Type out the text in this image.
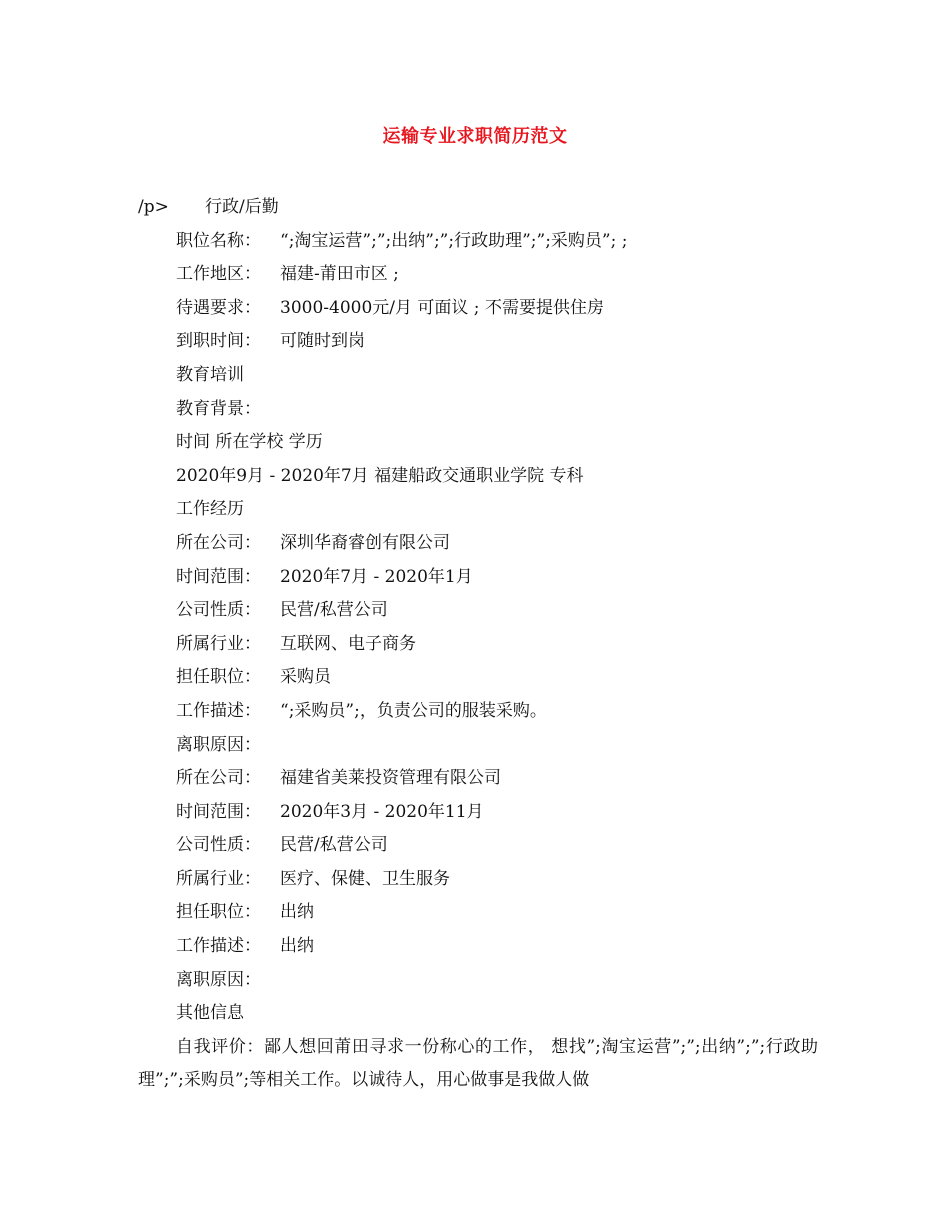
运输专业求职简历范文
/p> 行政/后勤
职位名称： “;淘宝运营”;”;出纳”;”;行政助理”;”;采购员”; ;
工作地区： 福建-莆田市区 ;
待遇要求： 3000-4000元/月 可面议 ; 不需要提供住房
到职时间： 可随时到岗
教育培训
教育背景：
时间 所在学校 学历
2020年9月 - 2020年7月 福建船政交通职业学院 专科
工作经历
所在公司： 深圳华裔睿创有限公司
时间范围： 2020年7月 - 2020年1月
公司性质： 民营/私营公司
所属行业： 互联网、电子商务
担任职位： 采购员
工作描述： “;采购员”;，负责公司的服装采购。
离职原因：
所在公司： 福建省美莱投资管理有限公司
时间范围： 2020年3月 - 2020年11月
公司性质： 民营/私营公司
所属行业： 医疗、保健、卫生服务
担任职位： 出纳
工作描述： 出纳
离职原因：
其他信息
自我评价：鄙人想回莆田寻求一份称心的工作， 想找”;淘宝运营”;”;出纳”;”;行政助理”;”;采购员”;等相关工作。以诚待人，用心做事是我做人做
